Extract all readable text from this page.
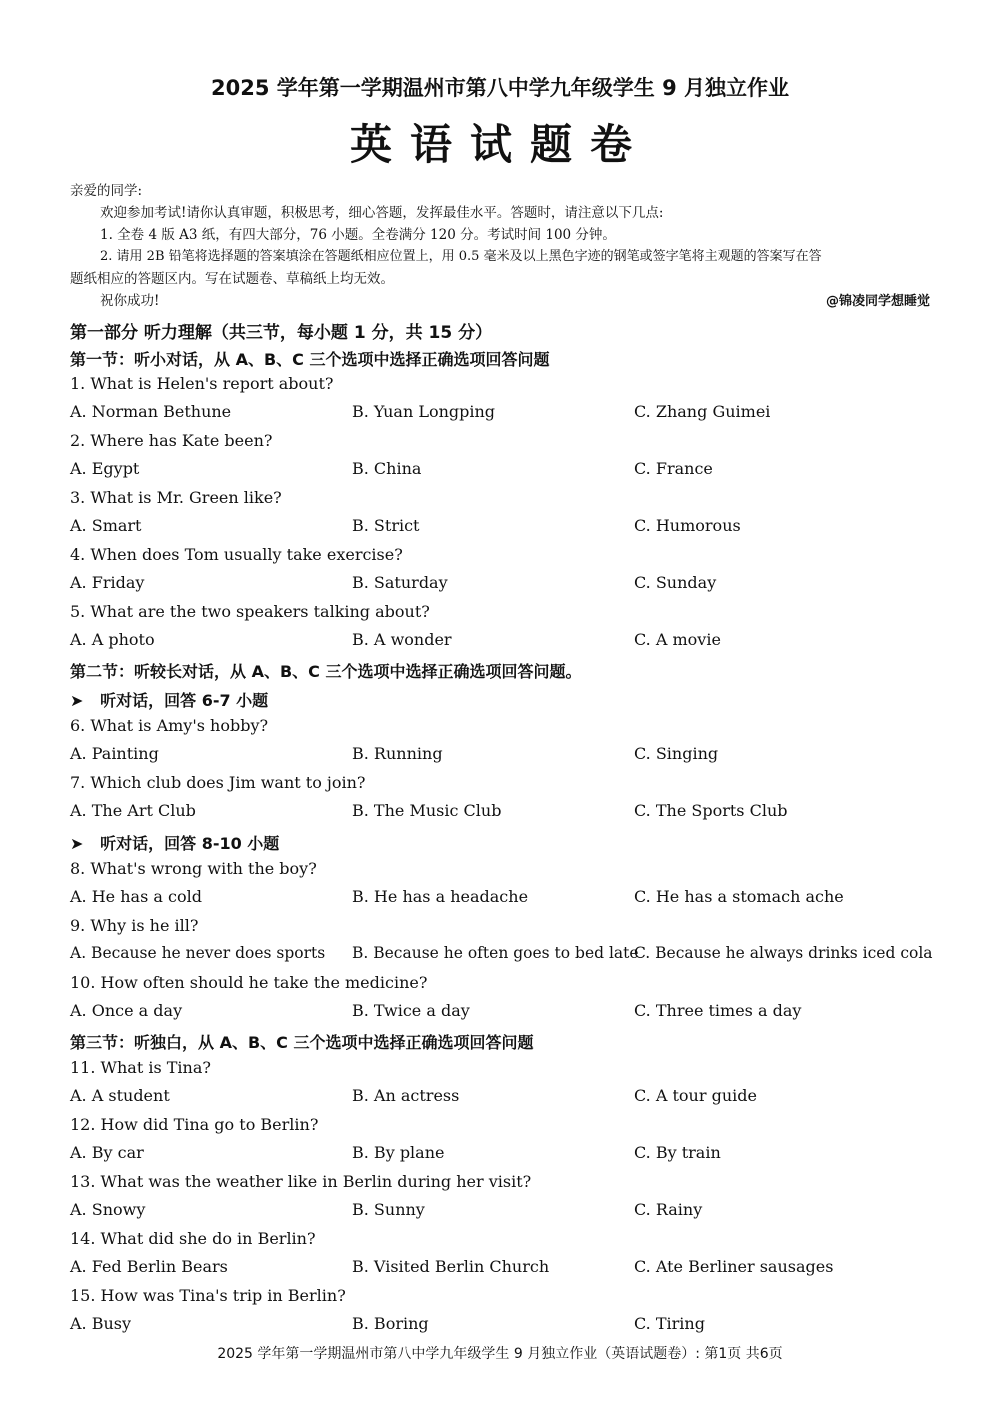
2025 学年第一学期温州市第八中学九年级学生 9 月独立作业
英语试题卷
亲爱的同学:
欢迎参加考试!请你认真审题，积极思考，细心答题，发挥最佳水平。答题时，请注意以下几点:
1. 全卷 4 版 A3 纸，有四大部分，76 小题。全卷满分 120 分。考试时间 100 分钟。
2. 请用 2B 铅笔将选择题的答案填涂在答题纸相应位置上，用 0.5 毫米及以上黑色字迹的钢笔或签字笔将主观题的答案写在答
题纸相应的答题区内。写在试题卷、草稿纸上均无效。
祝你成功!	@锦凌同学想睡觉
第一部分 听力理解（共三节，每小题 1 分，共 15 分）
第一节：听小对话，从 A、B、C 三个选项中选择正确选项回答问题
1. What is Helen's report about?
A. Norman Bethune	B. Yuan Longping	C. Zhang Guimei
2. Where has Kate been?
A. Egypt	B. China	C. France
3. What is Mr. Green like?
A. Smart	B. Strict	C. Humorous
4. When does Tom usually take exercise?
A. Friday	B. Saturday	C. Sunday
5. What are the two speakers talking about?
A. A photo	B. A wonder	C. A movie
第二节：听较长对话，从 A、B、C 三个选项中选择正确选项回答问题。
➤ 听对话，回答 6-7 小题
6. What is Amy's hobby?
A. Painting	B. Running	C. Singing
7. Which club does Jim want to join?
A. The Art Club	B. The Music Club	C. The Sports Club
➤ 听对话，回答 8-10 小题
8. What's wrong with the boy?
A. He has a cold	B. He has a headache	C. He has a stomach ache
9. Why is he ill?
A. Because he never does sports B. Because he often goes to bed late
C. Because he always drinks iced cola
10. How often should he take the medicine?
A. Once a day	B. Twice a day	C. Three times a day
第三节：听独白，从 A、B、C 三个选项中选择正确选项回答问题
11. What is Tina?
A. A student	B. An actress	C. A tour guide
12. How did Tina go to Berlin?
A. By car	B. By plane	C. By train
13. What was the weather like in Berlin during her visit?
A. Snowy	B. Sunny	C. Rainy
14. What did she do in Berlin?
A. Fed Berlin Bears	B. Visited Berlin Church	C. Ate Berliner sausages
15. How was Tina's trip in Berlin?
A. Busy	B. Boring	C. Tiring
2025 学年第一学期温州市第八中学九年级学生 9 月独立作业（英语试题卷）: 第1页 共6页
